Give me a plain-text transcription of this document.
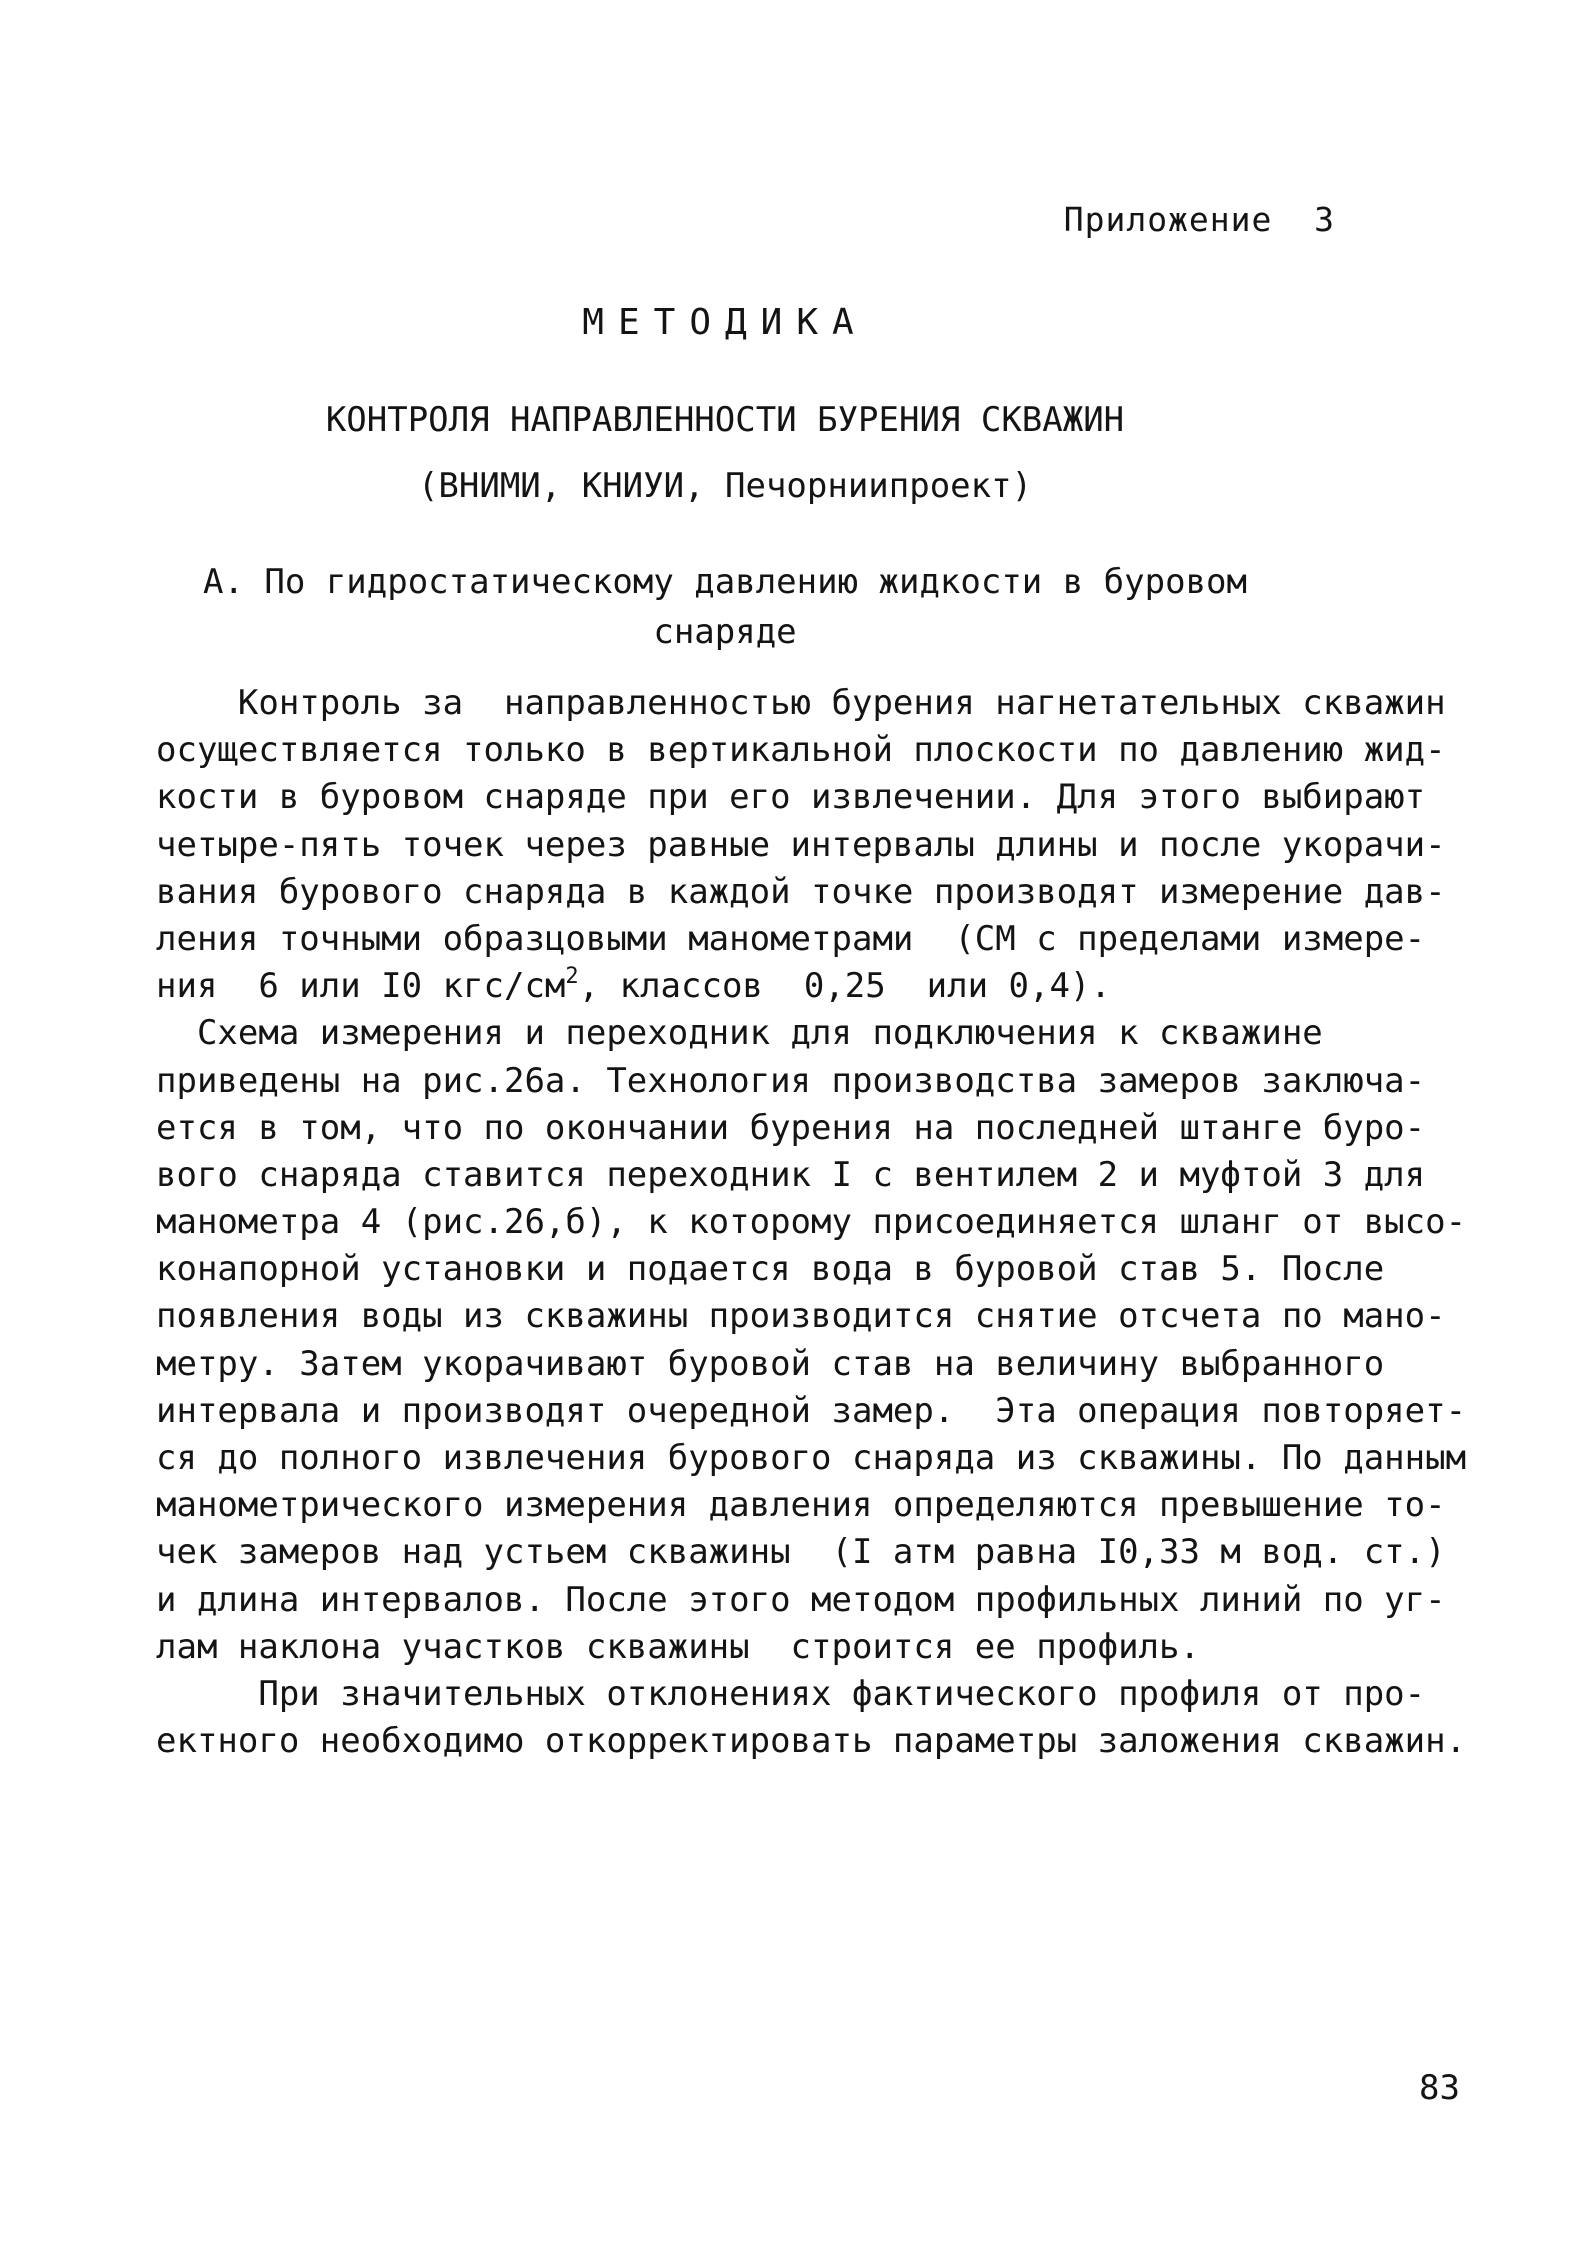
Приложение  3
МЕТОДИКА
КОНТРОЛЯ НАПРАВЛЕННОСТИ БУРЕНИЯ СКВАЖИН
(ВНИМИ, КНИУИ, Печорниипроект)
А. По гидростатическому давлению жидкости в буровом
снаряде
Контроль за  направленностью бурения нагнетательных скважин
осуществляется только в вертикальной плоскости по давлению жид-
кости в буровом снаряде при его извлечении. Для этого выбирают
четыре-пять точек через равные интервалы длины и после укорачи-
вания бурового снаряда в каждой точке производят измерение дав-
ления точными образцовыми манометрами  (СМ с пределами измере-
ния  6 или I0 кгс/$см^2$, классов  0,25  или 0,4).
Схема измерения и переходник для подключения к скважине
приведены на рис.26а. Технология производства замеров заключа-
ется в том, что по окончании бурения на последней штанге буро-
вого снаряда ставится переходник I с вентилем 2 и муфтой 3 для
манометра 4 (рис.26,б), к которому присоединяется шланг от высо-
конапорной установки и подается вода в буровой став 5. После
появления воды из скважины производится снятие отсчета по мано-
метру. Затем укорачивают буровой став на величину выбранного
интервала и производят очередной замер.  Эта операция повторяет-
ся до полного извлечения бурового снаряда из скважины. По данным
манометрического измерения давления определяются превышение то-
чек замеров над устьем скважины  (I атм равна I0,33 м вод. ст.)
и длина интервалов. После этого методом профильных линий по уг-
лам наклона участков скважины  строится ее профиль.
При значительных отклонениях фактического профиля от про-
ектного необходимо откорректировать параметры заложения скважин.
83
